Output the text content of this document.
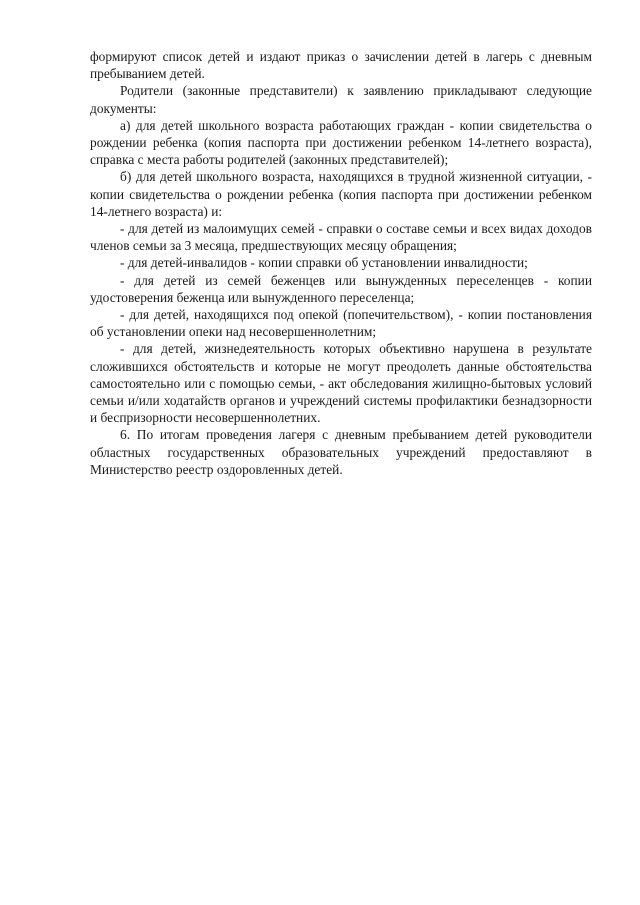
формируют список детей и издают приказ о зачислении детей в лагерь с дневным пребыванием детей.

Родители (законные представители) к заявлению прикладывают следующие документы:

а) для детей школьного возраста работающих граждан - копии свидетельства о рождении ребенка (копия паспорта при достижении ребенком 14-летнего возраста), справка с места работы родителей (законных представителей);

б) для детей школьного возраста, находящихся в трудной жизненной ситуации, - копии свидетельства о рождении ребенка (копия паспорта при достижении ребенком 14-летнего возраста) и:

- для детей из малоимущих семей - справки о составе семьи и всех видах доходов членов семьи за 3 месяца, предшествующих месяцу обращения;

- для детей-инвалидов - копии справки об установлении инвалидности;

- для детей из семей беженцев или вынужденных переселенцев - копии удостоверения беженца или вынужденного переселенца;

- для детей, находящихся под опекой (попечительством), - копии постановления об установлении опеки над несовершеннолетним;

- для детей, жизнедеятельность которых объективно нарушена в результате сложившихся обстоятельств и которые не могут преодолеть данные обстоятельства самостоятельно или с помощью семьи, - акт обследования жилищно-бытовых условий семьи и/или ходатайств органов и учреждений системы профилактики безнадзорности и беспризорности несовершеннолетних.

6. По итогам проведения лагеря с дневным пребыванием детей руководители областных государственных образовательных учреждений предоставляют в Министерство реестр оздоровленных детей.
